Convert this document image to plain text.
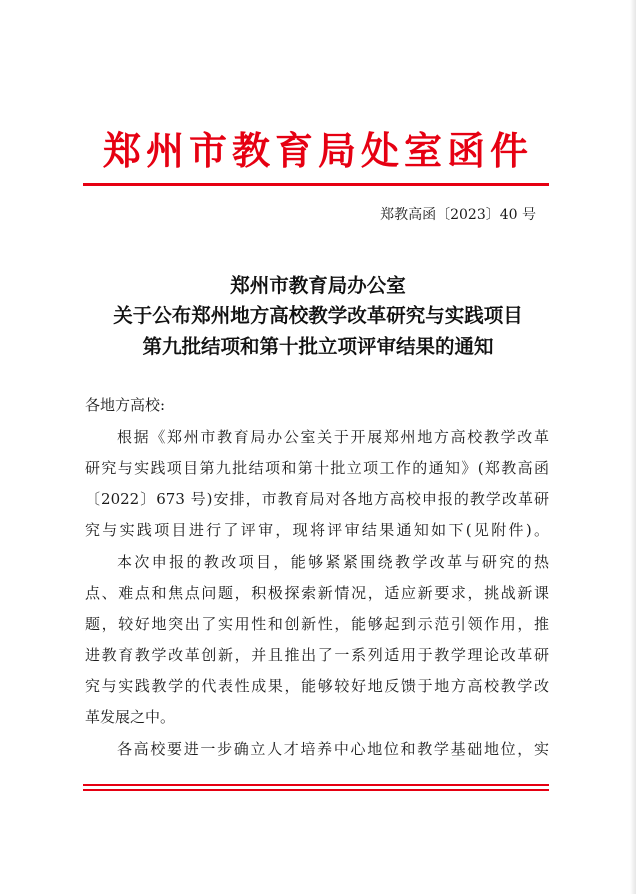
郑州市教育局处室函件
郑教高函〔2023〕40 号
郑州市教育局办公室
关于公布郑州地方高校教学改革研究与实践项目
第九批结项和第十批立项评审结果的通知
各地方高校:
根据《郑州市教育局办公室关于开展郑州地方高校教学改革
研究与实践项目第九批结项和第十批立项工作的通知》(郑教高函
〔2022〕673 号)安排，市教育局对各地方高校申报的教学改革研
究与实践项目进行了评审，现将评审结果通知如下(见附件)。
本次申报的教改项目，能够紧紧围绕教学改革与研究的热
点、难点和焦点问题，积极探索新情况，适应新要求，挑战新课
题，较好地突出了实用性和创新性，能够起到示范引领作用，推
进教育教学改革创新，并且推出了一系列适用于教学理论改革研
究与实践教学的代表性成果，能够较好地反馈于地方高校教学改
革发展之中。
各高校要进一步确立人才培养中心地位和教学基础地位，实
